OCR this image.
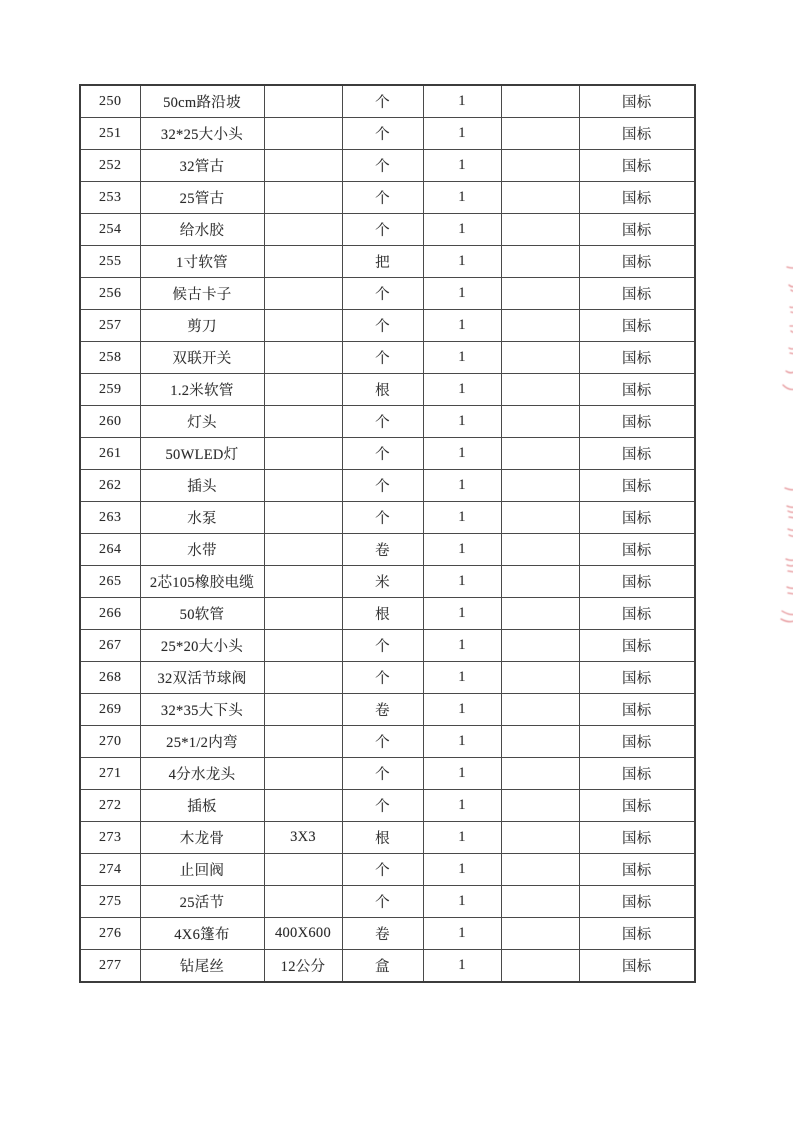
250	50cm路沿坡		个	1		国标
251	32*25大小头		个	1		国标
252	32管古		个	1		国标
253	25管古		个	1		国标
254	给水胶		个	1		国标
255	1寸软管		把	1		国标
256	候古卡子		个	1		国标
257	剪刀		个	1		国标
258	双联开关		个	1		国标
259	1.2米软管		根	1		国标
260	灯头		个	1		国标
261	50WLED灯		个	1		国标
262	插头		个	1		国标
263	水泵		个	1		国标
264	水带		卷	1		国标
265	2芯105橡胶电缆		米	1		国标
266	50软管		根	1		国标
267	25*20大小头		个	1		国标
268	32双活节球阀		个	1		国标
269	32*35大下头		卷	1		国标
270	25*1/2内弯		个	1		国标
271	4分水龙头		个	1		国标
272	插板		个	1		国标
273	木龙骨	3X3	根	1		国标
274	止回阀		个	1		国标
275	25活节		个	1		国标
276	4X6篷布	400X600	卷	1		国标
277	钻尾丝	12公分	盒	1		国标
